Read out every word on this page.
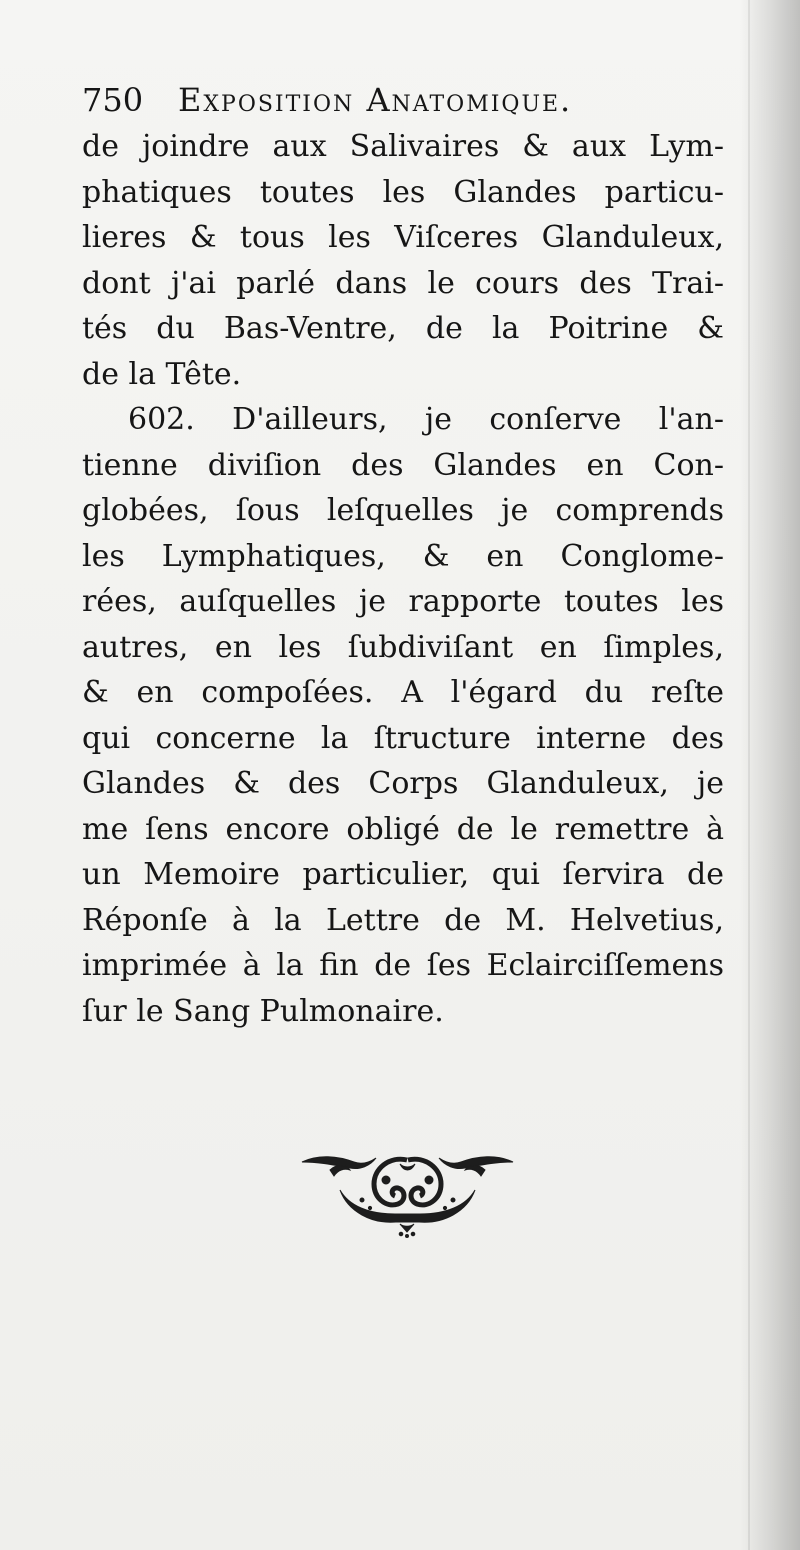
750 Exposition Anatomique.
de joindre aux Salivaires & aux Lym-
phatiques toutes les Glandes particu-
lieres & tous les Viſceres Glanduleux,
dont j'ai parlé dans le cours des Trai-
tés du Bas-Ventre, de la Poitrine &
de la Tête.
602. D'ailleurs, je conſerve l'an-
tienne diviſion des Glandes en Con-
globées, ſous leſquelles je comprends
les Lymphatiques, & en Conglome-
rées, auſquelles je rapporte toutes les
autres, en les ſubdiviſant en ſimples,
& en compoſées. A l'égard du reſte
qui concerne la ſtructure interne des
Glandes & des Corps Glanduleux, je
me ſens encore obligé de le remettre à
un Memoire particulier, qui ſervira de
Réponſe à la Lettre de M. Helvetius,
imprimée à la fin de ſes Eclairciſſemens
ſur le Sang Pulmonaire.
